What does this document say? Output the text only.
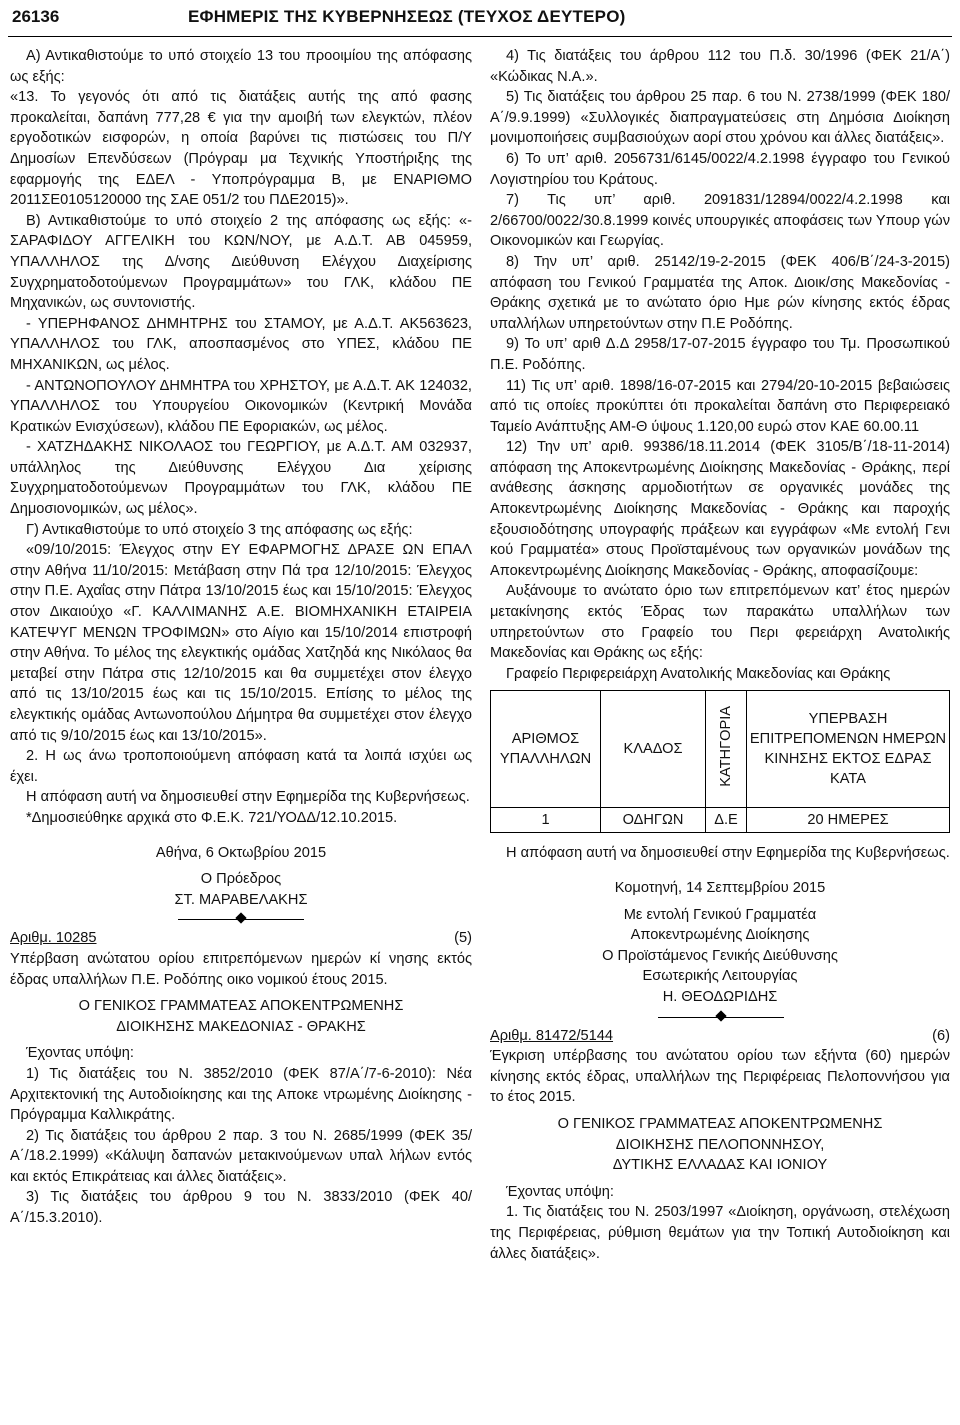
26136	ΕΦΗΜΕΡΙΣ ΤΗΣ ΚΥΒΕΡΝΗΣΕΩΣ (ΤΕΥΧΟΣ ΔΕΥΤΕΡΟ)

Α) Αντικαθιστούμε το υπό στοιχείο 13 του προοιμίου της απόφασης ως εξής:

«13. Το γεγονός ότι από τις διατάξεις αυτής της από φασης προκαλείται, δαπάνη 777,28 € για την αμοιβή των ελεγκτών, πλέον εργοδοτικών εισφορών, η οποία βαρύνει τις πιστώσεις του Π/Υ Δημοσίων Επενδύσεων (Πρόγραμ μα Τεχνικής Υποστήριξης της εφαρμογής της ΕΔΕΛ ‑ Υποπρόγραμμα Β, με ΕΝΑΡΙΘΜΟ 2011ΣΕ0105120000 της ΣΑΕ 051/2 του ΠΔΕ2015)».

Β) Αντικαθιστούμε το υπό στοιχείο 2 της απόφασης ως εξής: «‑ ΣΑΡΑΦΙΔΟΥ ΑΓΓΕΛΙΚΗ του ΚΩΝ/ΝΟΥ, με Α.Δ.Τ. ΑΒ 045959, ΥΠΑΛΛΗΛΟΣ της Δ/νσης Διεύθυνση Ελέγχου Διαχείρισης Συγχρηματοδοτούμενων Προγραμμάτων» του ΓΛΚ, κλάδου ΠΕ Μηχανικών, ως συντονιστής.

‑ ΥΠΕΡΗΦΑΝΟΣ ΔΗΜΗΤΡΗΣ του ΣΤΑΜΟΥ, με Α.Δ.Τ. ΑΚ563623, ΥΠΑΛΛΗΛΟΣ του ΓΛΚ, αποσπασμένος στο ΥΠΕΣ, κλάδου ΠΕ ΜΗΧΑΝΙΚΩΝ, ως μέλος.

‑ ΑΝΤΩΝΟΠΟΥΛΟΥ ΔΗΜΗΤΡΑ του ΧΡΗΣΤΟΥ, με Α.Δ.Τ. ΑΚ 124032, ΥΠΑΛΛΗΛΟΣ του Υπουργείου Οικονομικών (Κεντρική Μονάδα Κρατικών Ενισχύσεων), κλάδου ΠΕ Εφοριακών, ως μέλος.

‑ ΧΑΤΖΗΔΑΚΗΣ ΝΙΚΟΛΑΟΣ του ΓΕΩΡΓΙΟΥ, με Α.Δ.Τ. ΑΜ 032937, υπάλληλος της Διεύθυνσης Ελέγχου Δια χείρισης Συγχρηματοδοτούμενων Προγραμμάτων του ΓΛΚ, κλάδου ΠΕ Δημοσιονομικών, ως μέλος».

Γ) Αντικαθιστούμε το υπό στοιχείο 3 της απόφασης ως εξής:

«09/10/2015: Έλεγχος στην ΕΥ ΕΦΑΡΜΟΓΗΣ ΔΡΑΣΕ ΩΝ ΕΠΑΛ στην Αθήνα 11/10/2015: Μετάβαση στην Πά τρα 12/10/2015: Έλεγχος στην Π.Ε. Αχαΐας στην Πάτρα 13/10/2015 έως και 15/10/2015: Έλεγχος στον Δικαιούχο «Γ. ΚΑΛΛΙΜΑΝΗΣ Α.Ε. ΒΙΟΜΗΧΑΝΙΚΗ ΕΤΑΙΡΕΙΑ ΚΑΤΕΨΥΓ ΜΕΝΩΝ ΤΡΟΦΙΜΩΝ» στο Αίγιο και 15/10/2014 επιστροφή στην Αθήνα. Το μέλος της ελεγκτικής ομάδας Χατζηδά κης Νικόλαος θα μεταβεί στην Πάτρα στις 12/10/2015 και θα συμμετέχει στον έλεγχο από τις 13/10/2015 έως και τις 15/10/2015. Επίσης το μέλος της ελεγκτικής ομάδας Αντωνοπούλου Δήμητρα θα συμμετέχει στον έλεγχο από τις 9/10/2015 έως και 13/10/2015».

2. Η ως άνω τροποποιούμενη απόφαση κατά τα λοιπά ισχύει ως έχει.

Η απόφαση αυτή να δημοσιευθεί στην Εφημερίδα της Κυβερνήσεως.

*Δημοσιεύθηκε αρχικά στο Φ.Ε.Κ. 721/ΥΟΔΔ/12.10.2015.

Αθήνα, 6 Οκτωβρίου 2015

Ο Πρόεδρος

ΣΤ. ΜΑΡΑΒΕΛΑΚΗΣ

Αριθμ. 10285	(5)

Υπέρβαση ανώτατου ορίου επιτρεπόμενων ημερών κί νησης εκτός έδρας υπαλλήλων Π.Ε. Ροδόπης οικο νομικού έτους 2015.

Ο ΓΕΝΙΚΟΣ ΓΡΑΜΜΑΤΕΑΣ ΑΠΟΚΕΝΤΡΩΜΕΝΗΣ

ΔΙΟΙΚΗΣΗΣ ΜΑΚΕΔΟΝΙΑΣ ‑ ΘΡΑΚΗΣ

Έχοντας υπόψη:

1) Τις διατάξεις του Ν. 3852/2010 (ΦΕΚ 87/Α΄/7‑6‑2010): Νέα Αρχιτεκτονική της Αυτοδιοίκησης και της Αποκε ντρωμένης Διοίκησης ‑ Πρόγραμμα Καλλικράτης.

2) Τις διατάξεις του άρθρου 2 παρ. 3 του Ν. 2685/1999 (ΦΕΚ 35/Α΄/18.2.1999) «Κάλυψη δαπανών μετακινούμενων υπαλ λήλων εντός και εκτός Επικράτειας και άλλες διατάξεις».

3) Τις διατάξεις του άρθρου 9 του Ν. 3833/2010 (ΦΕΚ 40/Α΄/15.3.2010).

4) Τις διατάξεις του άρθρου 112 του Π.δ. 30/1996 (ΦΕΚ 21/Α΄) «Κώδικας Ν.Α.».

5) Τις διατάξεις του άρθρου 25 παρ. 6 του Ν. 2738/1999 (ΦΕΚ 180/Α΄/9.9.1999) «Συλλογικές διαπραγματεύσεις στη Δημόσια Διοίκηση μονιμοποιήσεις συμβασιούχων αορί στου χρόνου και άλλες διατάξεις».

6) Το υπ’ αριθ. 2056731/6145/0022/4.2.1998 έγγραφο του Γενικού Λογιστηρίου του Κράτους.

7) Τις υπ’ αριθ. 2091831/12894/0022/4.2.1998 και 2/66700/0022/30.8.1999 κοινές υπουργικές αποφάσεις των Υπουρ γών Οικονομικών και Γεωργίας.

8) Την υπ’ αριθ. 25142/19‑2‑2015 (ΦΕΚ 406/Β΄/24‑3‑2015) απόφαση του Γενικού Γραμματέα της Αποκ. Διοικ/σης Μακεδονίας ‑ Θράκης σχετικά με το ανώτατο όριο Ημε ρών κίνησης εκτός έδρας υπαλλήλων υπηρετούντων στην Π.Ε Ροδόπης.

9) Το υπ’ αριθ Δ.Δ 2958/17‑07‑2015 έγγραφο του Τμ. Προσωπικού Π.Ε. Ροδόπης.

11) Τις υπ’ αριθ. 1898/16‑07‑2015 και 2794/20‑10‑2015 βεβαιώσεις από τις οποίες προκύπτει ότι προκαλείται δαπάνη στο Περιφερειακό Ταμείο Ανάπτυξης ΑΜ‑Θ ύψους 1.120,00 ευρώ στον ΚΑΕ 60.00.11

12) Την υπ’ αριθ. 99386/18.11.2014 (ΦΕΚ 3105/Β΄/18‑11‑2014) απόφαση της Αποκεντρωμένης Διοίκησης Μακεδονίας ‑ Θράκης, περί ανάθεσης άσκησης αρμοδιοτήτων σε οργανικές μονάδες της Αποκεντρωμένης Διοίκησης Μακεδονίας ‑ Θράκης και παροχής εξουσιοδότησης υπογραφής πράξεων και εγγράφων «Με εντολή Γενι κού Γραμματέα» στους Προϊσταμένους των οργανικών μονάδων της Αποκεντρωμένης Διοίκησης Μακεδονίας ‑ Θράκης, αποφασίζουμε:

Αυξάνουμε το ανώτατο όριο των επιτρεπόμενων κατ’ έτος ημερών μετακίνησης εκτός Έδρας των παρακάτω υπαλλήλων των υπηρετούντων στο Γραφείο του Περι φερειάρχη Ανατολικής Μακεδονίας και Θράκης ως εξής:

Γραφείο Περιφερειάρχη Ανατολικής Μακεδονίας και Θράκης

ΑΡΙΘΜΟΣ ΥΠΑΛΛΗΛΩΝ	ΚΛΑΔΟΣ	ΚΑΤΗΓΟΡΙΑ	ΥΠΕΡΒΑΣΗ ΕΠΙΤΡΕΠΟΜΕΝΩΝ ΗΜΕΡΩΝ ΚΙΝΗΣΗΣ ΕΚΤΟΣ ΕΔΡΑΣ ΚΑΤΑ
1	ΟΔΗΓΩΝ	Δ.Ε	20 ΗΜΕΡΕΣ

Η απόφαση αυτή να δημοσιευθεί στην Εφημερίδα της Κυβερνήσεως.

Κομοτηνή, 14 Σεπτεμβρίου 2015

Με εντολή Γενικού Γραμματέα

Αποκεντρωμένης Διοίκησης

Ο Προϊστάμενος Γενικής Διεύθυνσης

Εσωτερικής Λειτουργίας

Η. ΘΕΟΔΩΡΙΔΗΣ

Αριθμ. 81472/5144	(6)

Έγκριση υπέρβασης του ανώτατου ορίου των εξήντα (60) ημερών κίνησης εκτός έδρας, υπαλλήλων της Περιφέρειας Πελοποννήσου για το έτος 2015.

Ο ΓΕΝΙΚΟΣ ΓΡΑΜΜΑΤΕΑΣ ΑΠΟΚΕΝΤΡΩΜΕΝΗΣ

ΔΙΟΙΚΗΣΗΣ ΠΕΛΟΠΟΝΝΗΣΟΥ,

ΔΥΤΙΚΗΣ ΕΛΛΑΔΑΣ ΚΑΙ ΙΟΝΙΟΥ

Έχοντας υπόψη:

1. Τις διατάξεις του Ν. 2503/1997 «Διοίκηση, οργάνωση, στελέχωση της Περιφέρειας, ρύθμιση θεμάτων για την Τοπική Αυτοδιοίκηση και άλλες διατάξεις».
